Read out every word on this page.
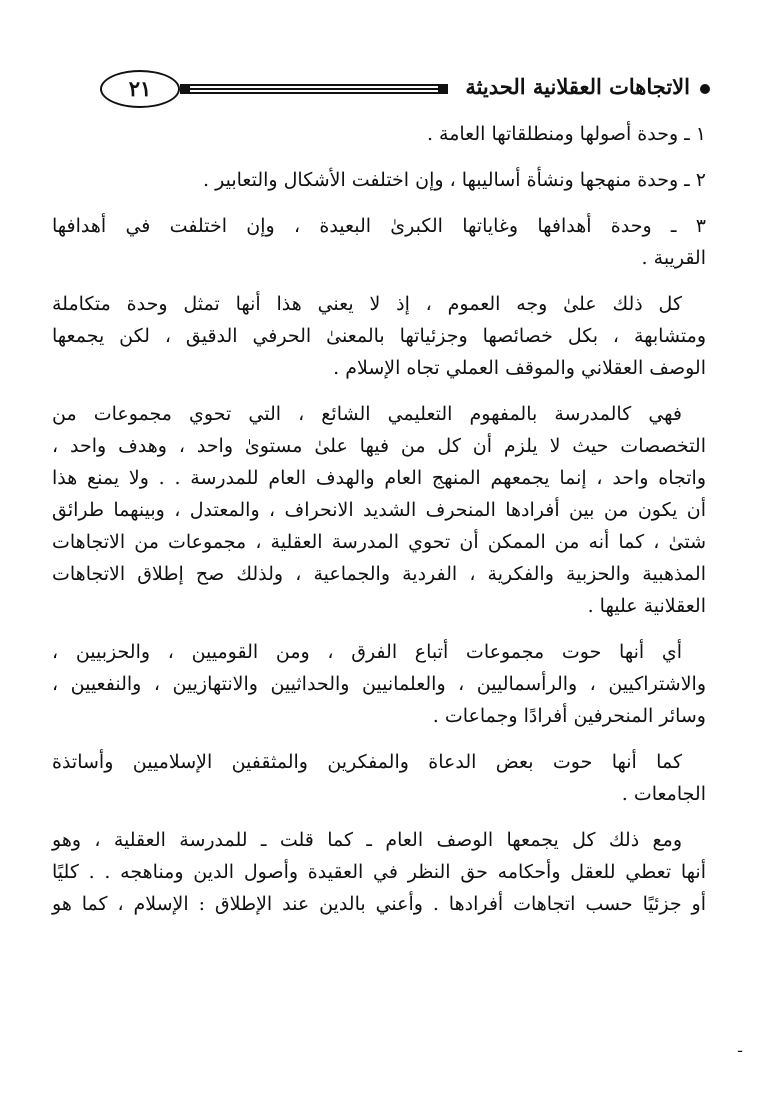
الاتجاهات العقلانية الحديثة
٢١
١ ـ وحدة أصولها ومنطلقاتها العامة .
٢ ـ وحدة منهجها ونشأة أساليبها ، وإن اختلفت الأشكال والتعابير .
٣ ـ وحدة أهدافها وغاياتها الكبرىٰ البعيدة ، وإن اختلفت في أهدافها
القريبة .
كل ذلك علىٰ وجه العموم ، إذ لا يعني هذا أنها تمثل وحدة متكاملة
ومتشابهة ، بكل خصائصها وجزئياتها بالمعنىٰ الحرفي الدقيق ، لكن يجمعها
الوصف العقلاني والموقف العملي تجاه الإسلام .
فهي كالمدرسة بالمفهوم التعليمي الشائع ، التي تحوي مجموعات من
التخصصات حيث لا يلزم أن كل من فيها علىٰ مستوىٰ واحد ، وهدف واحد ،
واتجاه واحد ، إنما يجمعهم المنهج العام والهدف العام للمدرسة . . ولا يمنع هذا
أن يكون من بين أفرادها المنحرف الشديد الانحراف ، والمعتدل ، وبينهما طرائق
شتىٰ ، كما أنه من الممكن أن تحوي المدرسة العقلية ، مجموعات من الاتجاهات
المذهبية والحزبية والفكرية ، الفردية والجماعية ، ولذلك صح إطلاق الاتجاهات
العقلانية عليها .
أي أنها حوت مجموعات أتباع الفرق ، ومن القوميين ، والحزبيين ،
والاشتراكيين ، والرأسماليين ، والعلمانيين والحداثيين والانتهازيين ، والنفعيين ،
وسائر المنحرفين أفرادًا وجماعات .
كما أنها حوت بعض الدعاة والمفكرين والمثقفين الإسلاميين وأساتذة
الجامعات .
ومع ذلك كل يجمعها الوصف العام ـ كما قلت ـ للمدرسة العقلية ، وهو
أنها تعطي للعقل وأحكامه حق النظر في العقيدة وأصول الدين ومناهجه . . كليًا
أو جزئيًا حسب اتجاهات أفرادها . وأعني بالدين عند الإطلاق : الإسلام ، كما هو
ـ
